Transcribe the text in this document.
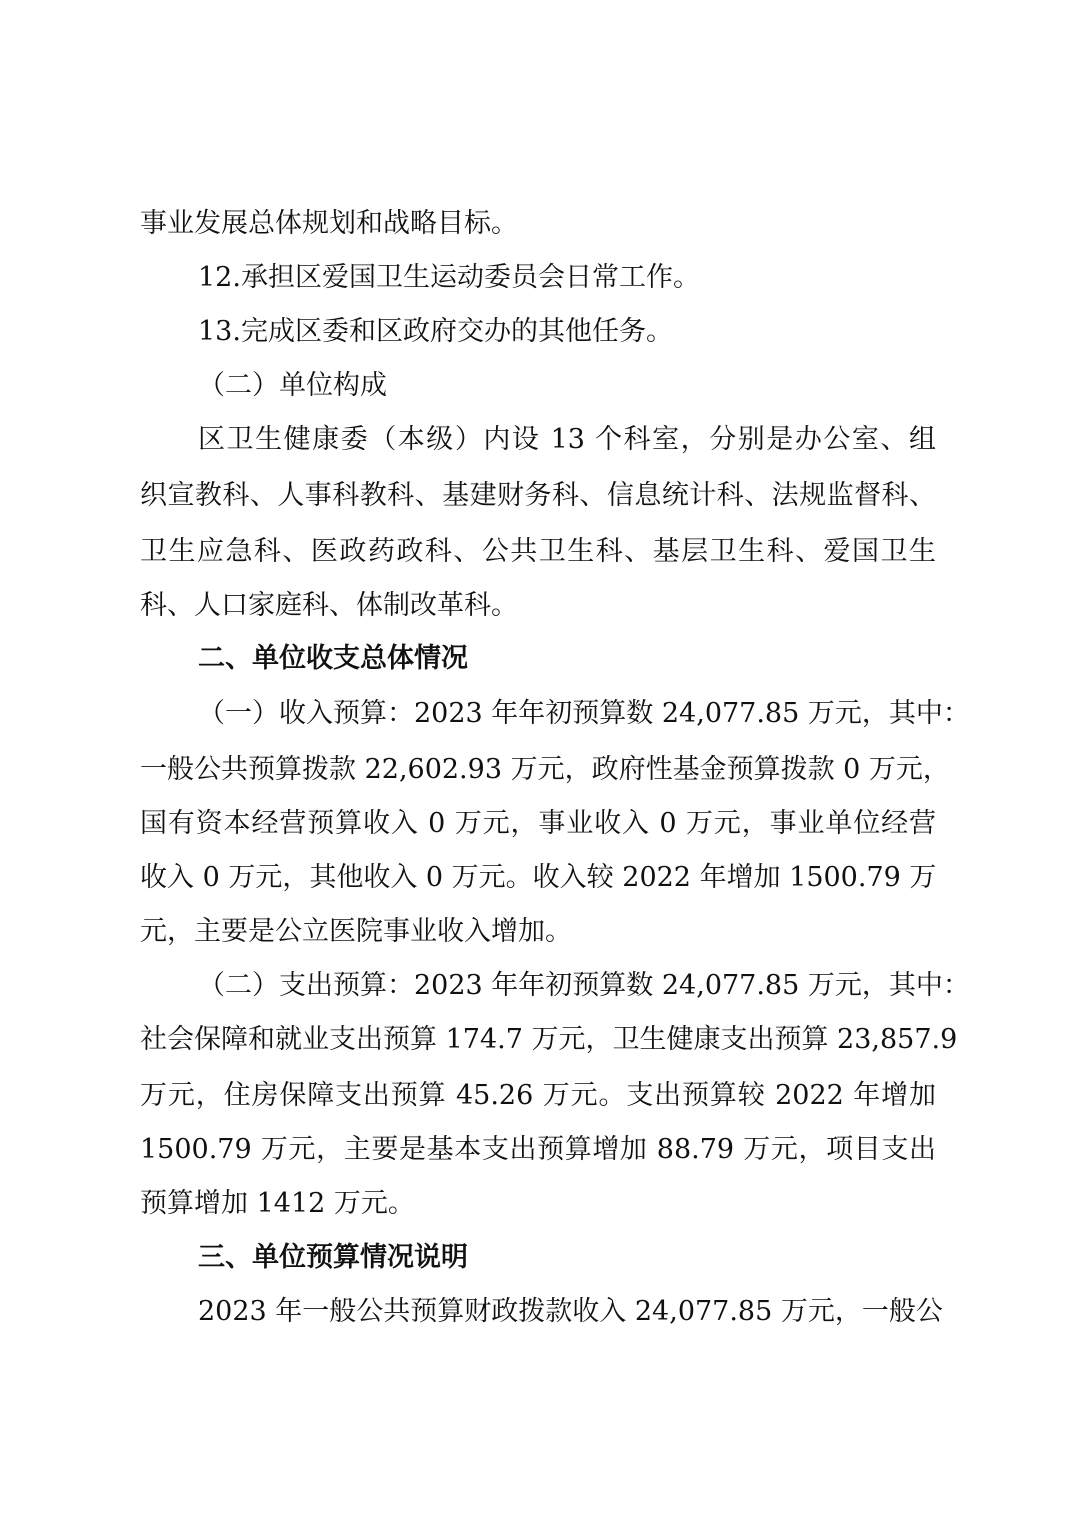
事业发展总体规划和战略目标。
12.承担区爱国卫生运动委员会日常工作。
13.完成区委和区政府交办的其他任务。
（二）单位构成
区卫生健康委（本级）内设 13 个科室，分别是办公室、组
织宣教科、人事科教科、基建财务科、信息统计科、法规监督科、
卫生应急科、医政药政科、公共卫生科、基层卫生科、爱国卫生
科、人口家庭科、体制改革科。
二、单位收支总体情况
（一）收入预算：2023 年年初预算数 24,077.85 万元，其中：
一般公共预算拨款 22,602.93 万元，政府性基金预算拨款 0 万元，
国有资本经营预算收入 0 万元，事业收入 0 万元，事业单位经营
收入 0 万元，其他收入 0 万元。收入较 2022 年增加 1500.79 万
元，主要是公立医院事业收入增加。
（二）支出预算：2023 年年初预算数 24,077.85 万元，其中：
社会保障和就业支出预算 174.7 万元，卫生健康支出预算 23,857.9
万元，住房保障支出预算 45.26 万元。支出预算较 2022 年增加
1500.79 万元，主要是基本支出预算增加 88.79 万元，项目支出
预算增加 1412 万元。
三、单位预算情况说明
2023 年一般公共预算财政拨款收入 24,077.85 万元，一般公
